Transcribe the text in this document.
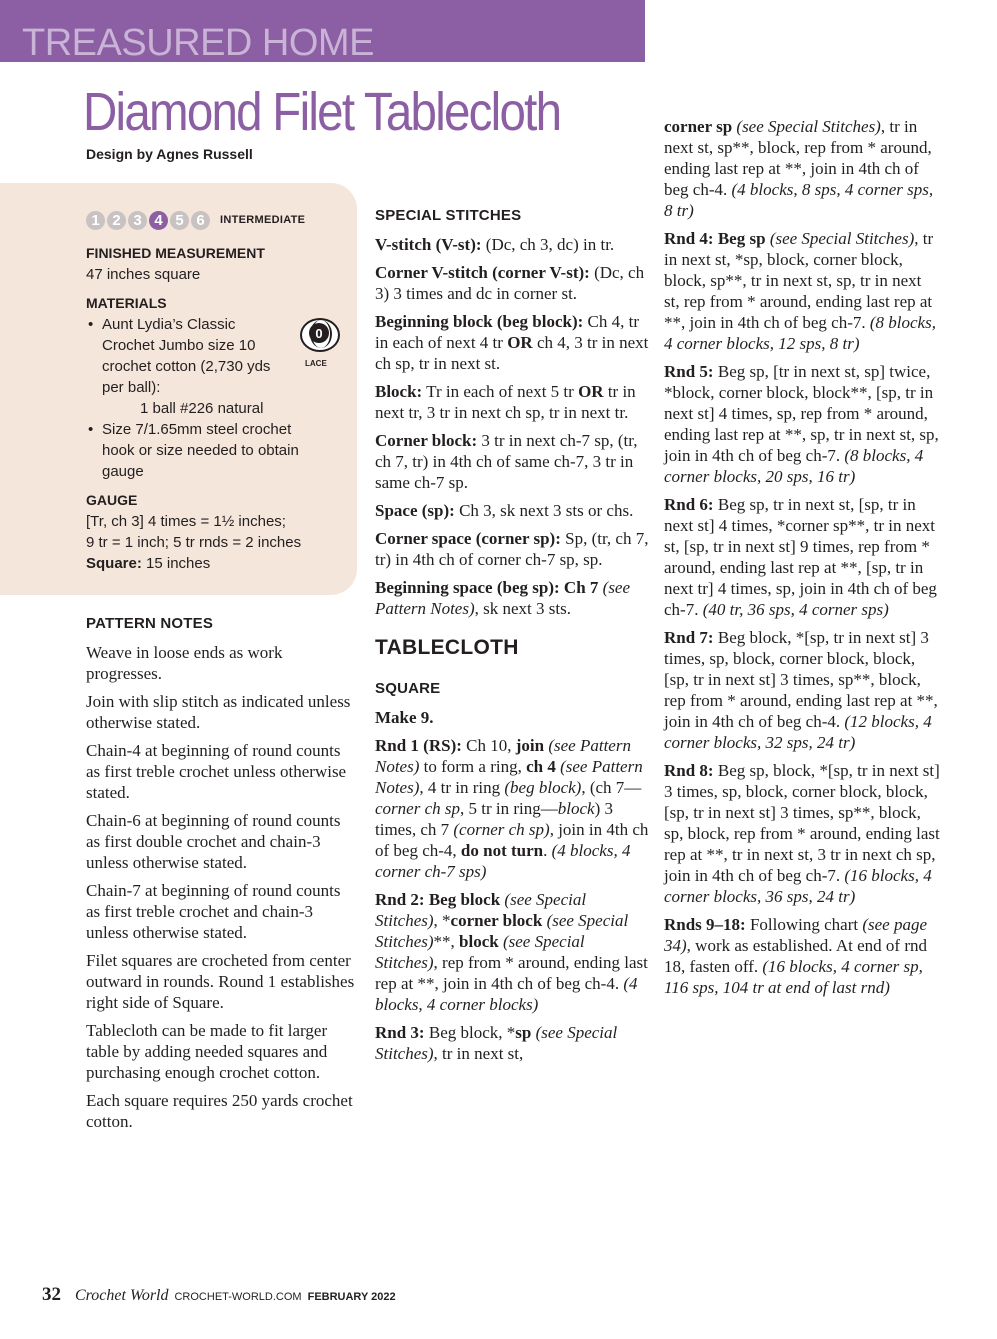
TREASURED HOME
Diamond Filet Tablecloth
Design by Agnes Russell
1 2 3 4 5 6	INTERMEDIATE
FINISHED MEASUREMENT
47 inches square
MATERIALS
• Aunt Lydia’s Classic
Crochet Jumbo size 10
crochet cotton (2,730 yds
per ball):
1 ball #226 natural
• Size 7/1.65mm steel crochet
hook or size needed to obtain
gauge
GAUGE
[Tr, ch 3] 4 times = 1½ inches;
9 tr = 1 inch; 5 tr rnds = 2 inches
Square: 15 inches
0
LACE
PATTERN NOTES

Weave in loose ends as work progresses.

Join with slip stitch as indicated unless otherwise stated.

Chain-4 at beginning of round counts as first treble crochet unless otherwise stated.

Chain-6 at beginning of round counts as first double crochet and chain-3 unless otherwise stated.

Chain-7 at beginning of round counts as first treble crochet and chain-3 unless otherwise stated.

Filet squares are crocheted from center outward in rounds. Round 1 establishes right side of Square.

Tablecloth can be made to fit larger table by adding needed squares and purchasing enough crochet cotton.

Each square requires 250 yards crochet cotton.

SPECIAL STITCHES

V-stitch (V-st): (Dc, ch 3, dc) in tr.

Corner V-stitch (corner V-st): (Dc, ch 3) 3 times and dc in corner st.

Beginning block (beg block): Ch 4, tr in each of next 4 tr OR ch 4, 3 tr in next ch sp, tr in next st.

Block: Tr in each of next 5 tr OR tr in next tr, 3 tr in next ch sp, tr in next tr.

Corner block: 3 tr in next ch-7 sp, (tr, ch 7, tr) in 4th ch of same ch-7, 3 tr in same ch-7 sp.

Space (sp): Ch 3, sk next 3 sts or chs.

Corner space (corner sp): Sp, (tr, ch 7, tr) in 4th ch of corner ch-7 sp, sp.

Beginning space (beg sp): Ch 7 (see Pattern Notes), sk next 3 sts.

TABLECLOTH
SQUARE

Make 9.

Rnd 1 (RS): Ch 10, join (see Pattern Notes) to form a ring, ch 4 (see Pattern Notes), 4 tr in ring (beg block), (ch 7—corner ch sp, 5 tr in ring—block) 3 times, ch 7 (corner ch sp), join in 4th ch of beg ch-4, do not turn. (4 blocks, 4 corner ch-7 sps)

Rnd 2: Beg block (see Special Stitches), *corner block (see Special Stitches)**, block (see Special Stitches), rep from * around, ending last rep at **, join in 4th ch of beg ch-4. (4 blocks, 4 corner blocks)

Rnd 3: Beg block, *sp (see Special Stitches), tr in next st,

corner sp (see Special Stitches), tr in next st, sp**, block, rep from * around, ending last rep at **, join in 4th ch of beg ch-4. (4 blocks, 8 sps, 4 corner sps, 8 tr)

Rnd 4: Beg sp (see Special Stitches), tr in next st, *sp, block, corner block, block, sp**, tr in next st, sp, tr in next st, rep from * around, ending last rep at **, join in 4th ch of beg ch-7. (8 blocks, 4 corner blocks, 12 sps, 8 tr)

Rnd 5: Beg sp, [tr in next st, sp] twice, *block, corner block, block**, [sp, tr in next st] 4 times, sp, rep from * around, ending last rep at **, sp, tr in next st, sp, join in 4th ch of beg ch-7. (8 blocks, 4 corner blocks, 20 sps, 16 tr)

Rnd 6: Beg sp, tr in next st, [sp, tr in next st] 4 times, *corner sp**, tr in next st, [sp, tr in next st] 9 times, rep from * around, ending last rep at **, [sp, tr in next tr] 4 times, sp, join in 4th ch of beg ch-7. (40 tr, 36 sps, 4 corner sps)

Rnd 7: Beg block, *[sp, tr in next st] 3 times, sp, block, corner block, block, [sp, tr in next st] 3 times, sp**, block, rep from * around, ending last rep at **, join in 4th ch of beg ch-4. (12 blocks, 4 corner blocks, 32 sps, 24 tr)

Rnd 8: Beg sp, block, *[sp, tr in next st] 3 times, sp, block, corner block, block, [sp, tr in next st] 3 times, sp**, block, sp, block, rep from * around, ending last rep at **, tr in next st, 3 tr in next ch sp, join in 4th ch of beg ch-7. (16 blocks, 4 corner blocks, 36 sps, 24 tr)

Rnds 9–18: Following chart (see page 34), work as established. At end of rnd 18, fasten off. (16 blocks, 4 corner sp, 116 sps, 104 tr at end of last rnd)

32 Crochet World CROCHET-WORLD.COM FEBRUARY 2022
